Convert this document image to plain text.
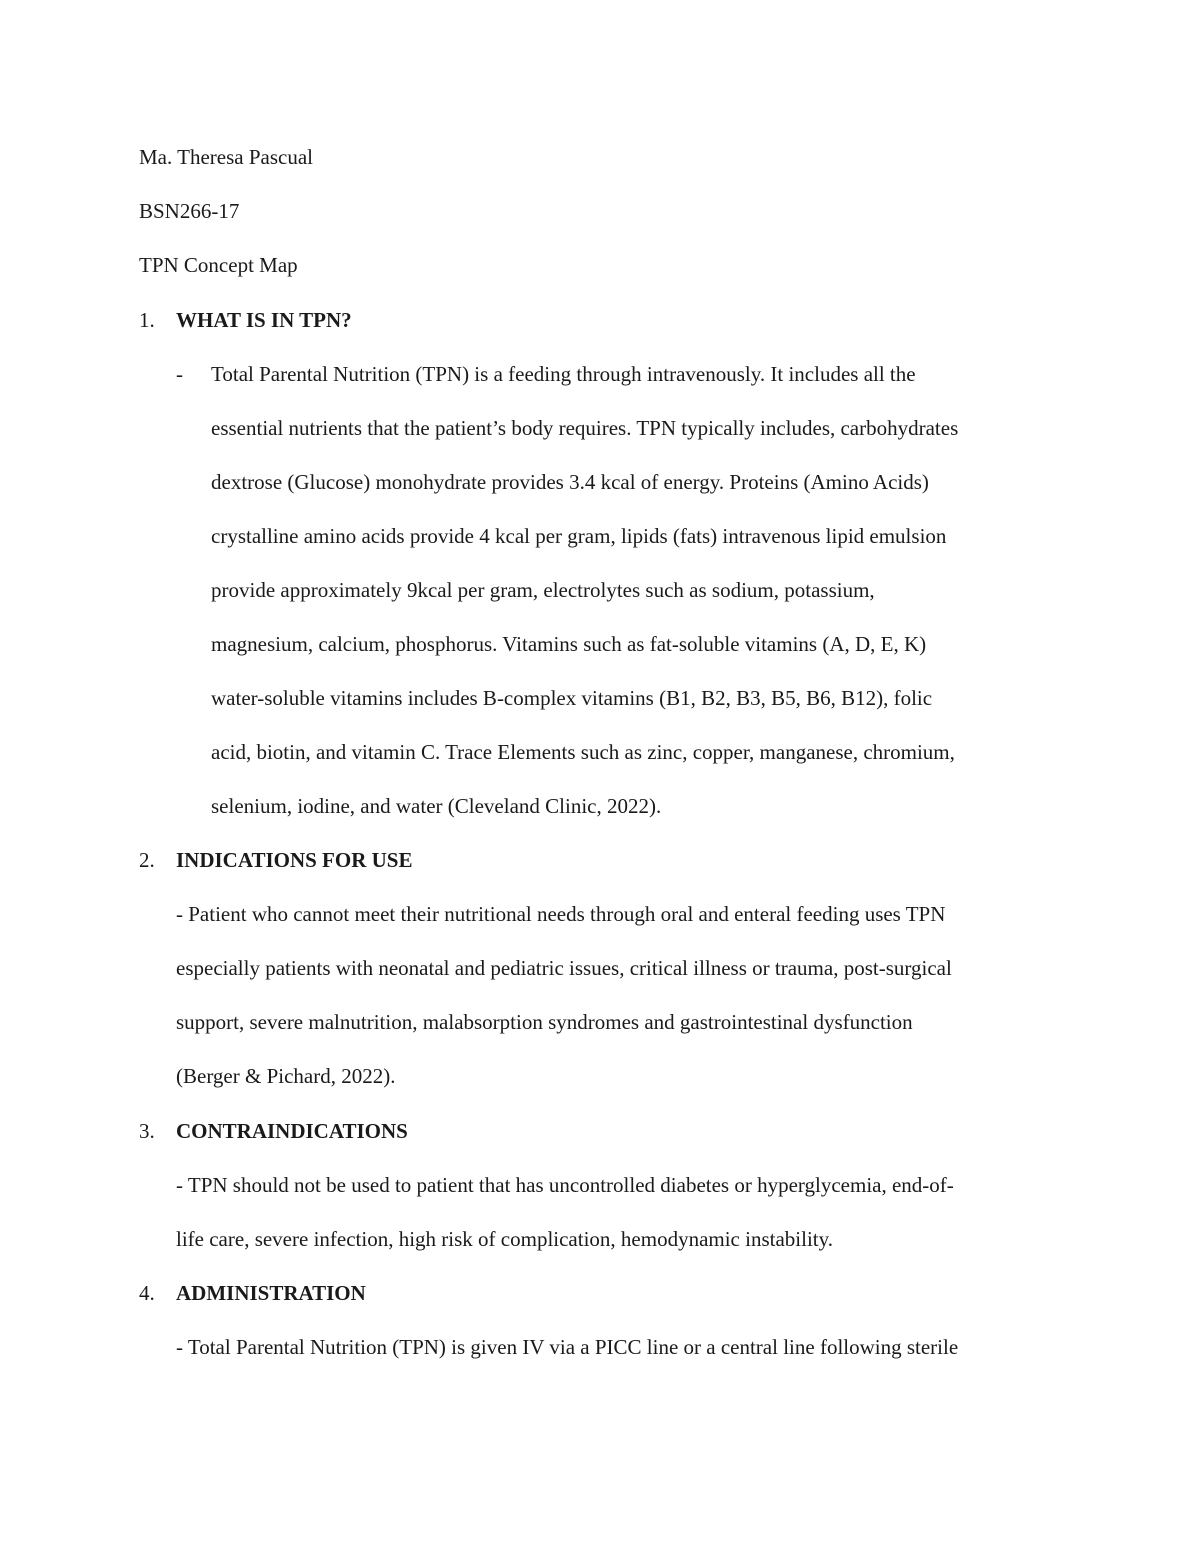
Ma. Theresa Pascual
BSN266-17
TPN Concept Map
1. WHAT IS IN TPN?
- Total Parental Nutrition (TPN) is a feeding through intravenously. It includes all the
essential nutrients that the patient’s body requires. TPN typically includes, carbohydrates
dextrose (Glucose) monohydrate provides 3.4 kcal of energy. Proteins (Amino Acids)
crystalline amino acids provide 4 kcal per gram, lipids (fats) intravenous lipid emulsion
provide approximately 9kcal per gram, electrolytes such as sodium, potassium,
magnesium, calcium, phosphorus. Vitamins such as fat-soluble vitamins (A, D, E, K)
water-soluble vitamins includes B-complex vitamins (B1, B2, B3, B5, B6, B12), folic
acid, biotin, and vitamin C. Trace Elements such as zinc, copper, manganese, chromium,
selenium, iodine, and water (Cleveland Clinic, 2022).
2. INDICATIONS FOR USE
- Patient who cannot meet their nutritional needs through oral and enteral feeding uses TPN
especially patients with neonatal and pediatric issues, critical illness or trauma, post-surgical
support, severe malnutrition, malabsorption syndromes and gastrointestinal dysfunction
(Berger & Pichard, 2022).
3. CONTRAINDICATIONS
- TPN should not be used to patient that has uncontrolled diabetes or hyperglycemia, end-of-
life care, severe infection, high risk of complication, hemodynamic instability.
4. ADMINISTRATION
- Total Parental Nutrition (TPN) is given IV via a PICC line or a central line following sterile
